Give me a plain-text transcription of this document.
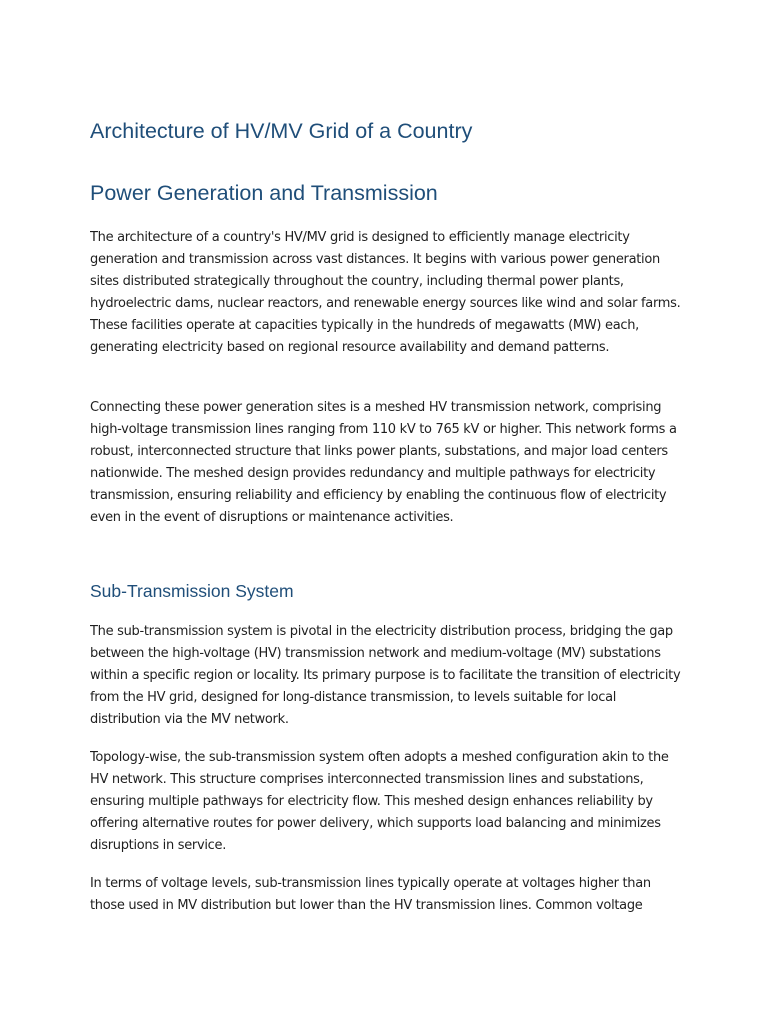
Architecture of HV/MV Grid of a Country
Power Generation and Transmission

The architecture of a country's HV/MV grid is designed to efficiently manage electricity generation and transmission across vast distances. It begins with various power generation sites distributed strategically throughout the country, including thermal power plants, hydroelectric dams, nuclear reactors, and renewable energy sources like wind and solar farms. These facilities operate at capacities typically in the hundreds of megawatts (MW) each, generating electricity based on regional resource availability and demand patterns.

Connecting these power generation sites is a meshed HV transmission network, comprising high-voltage transmission lines ranging from 110 kV to 765 kV or higher. This network forms a robust, interconnected structure that links power plants, substations, and major load centers nationwide. The meshed design provides redundancy and multiple pathways for electricity transmission, ensuring reliability and efficiency by enabling the continuous flow of electricity even in the event of disruptions or maintenance activities.

Sub-Transmission System

The sub-transmission system is pivotal in the electricity distribution process, bridging the gap between the high-voltage (HV) transmission network and medium-voltage (MV) substations within a specific region or locality. Its primary purpose is to facilitate the transition of electricity from the HV grid, designed for long-distance transmission, to levels suitable for local distribution via the MV network.

Topology-wise, the sub-transmission system often adopts a meshed configuration akin to the HV network. This structure comprises interconnected transmission lines and substations, ensuring multiple pathways for electricity flow. This meshed design enhances reliability by offering alternative routes for power delivery, which supports load balancing and minimizes disruptions in service.

In terms of voltage levels, sub-transmission lines typically operate at voltages higher than those used in MV distribution but lower than the HV transmission lines. Common voltage
